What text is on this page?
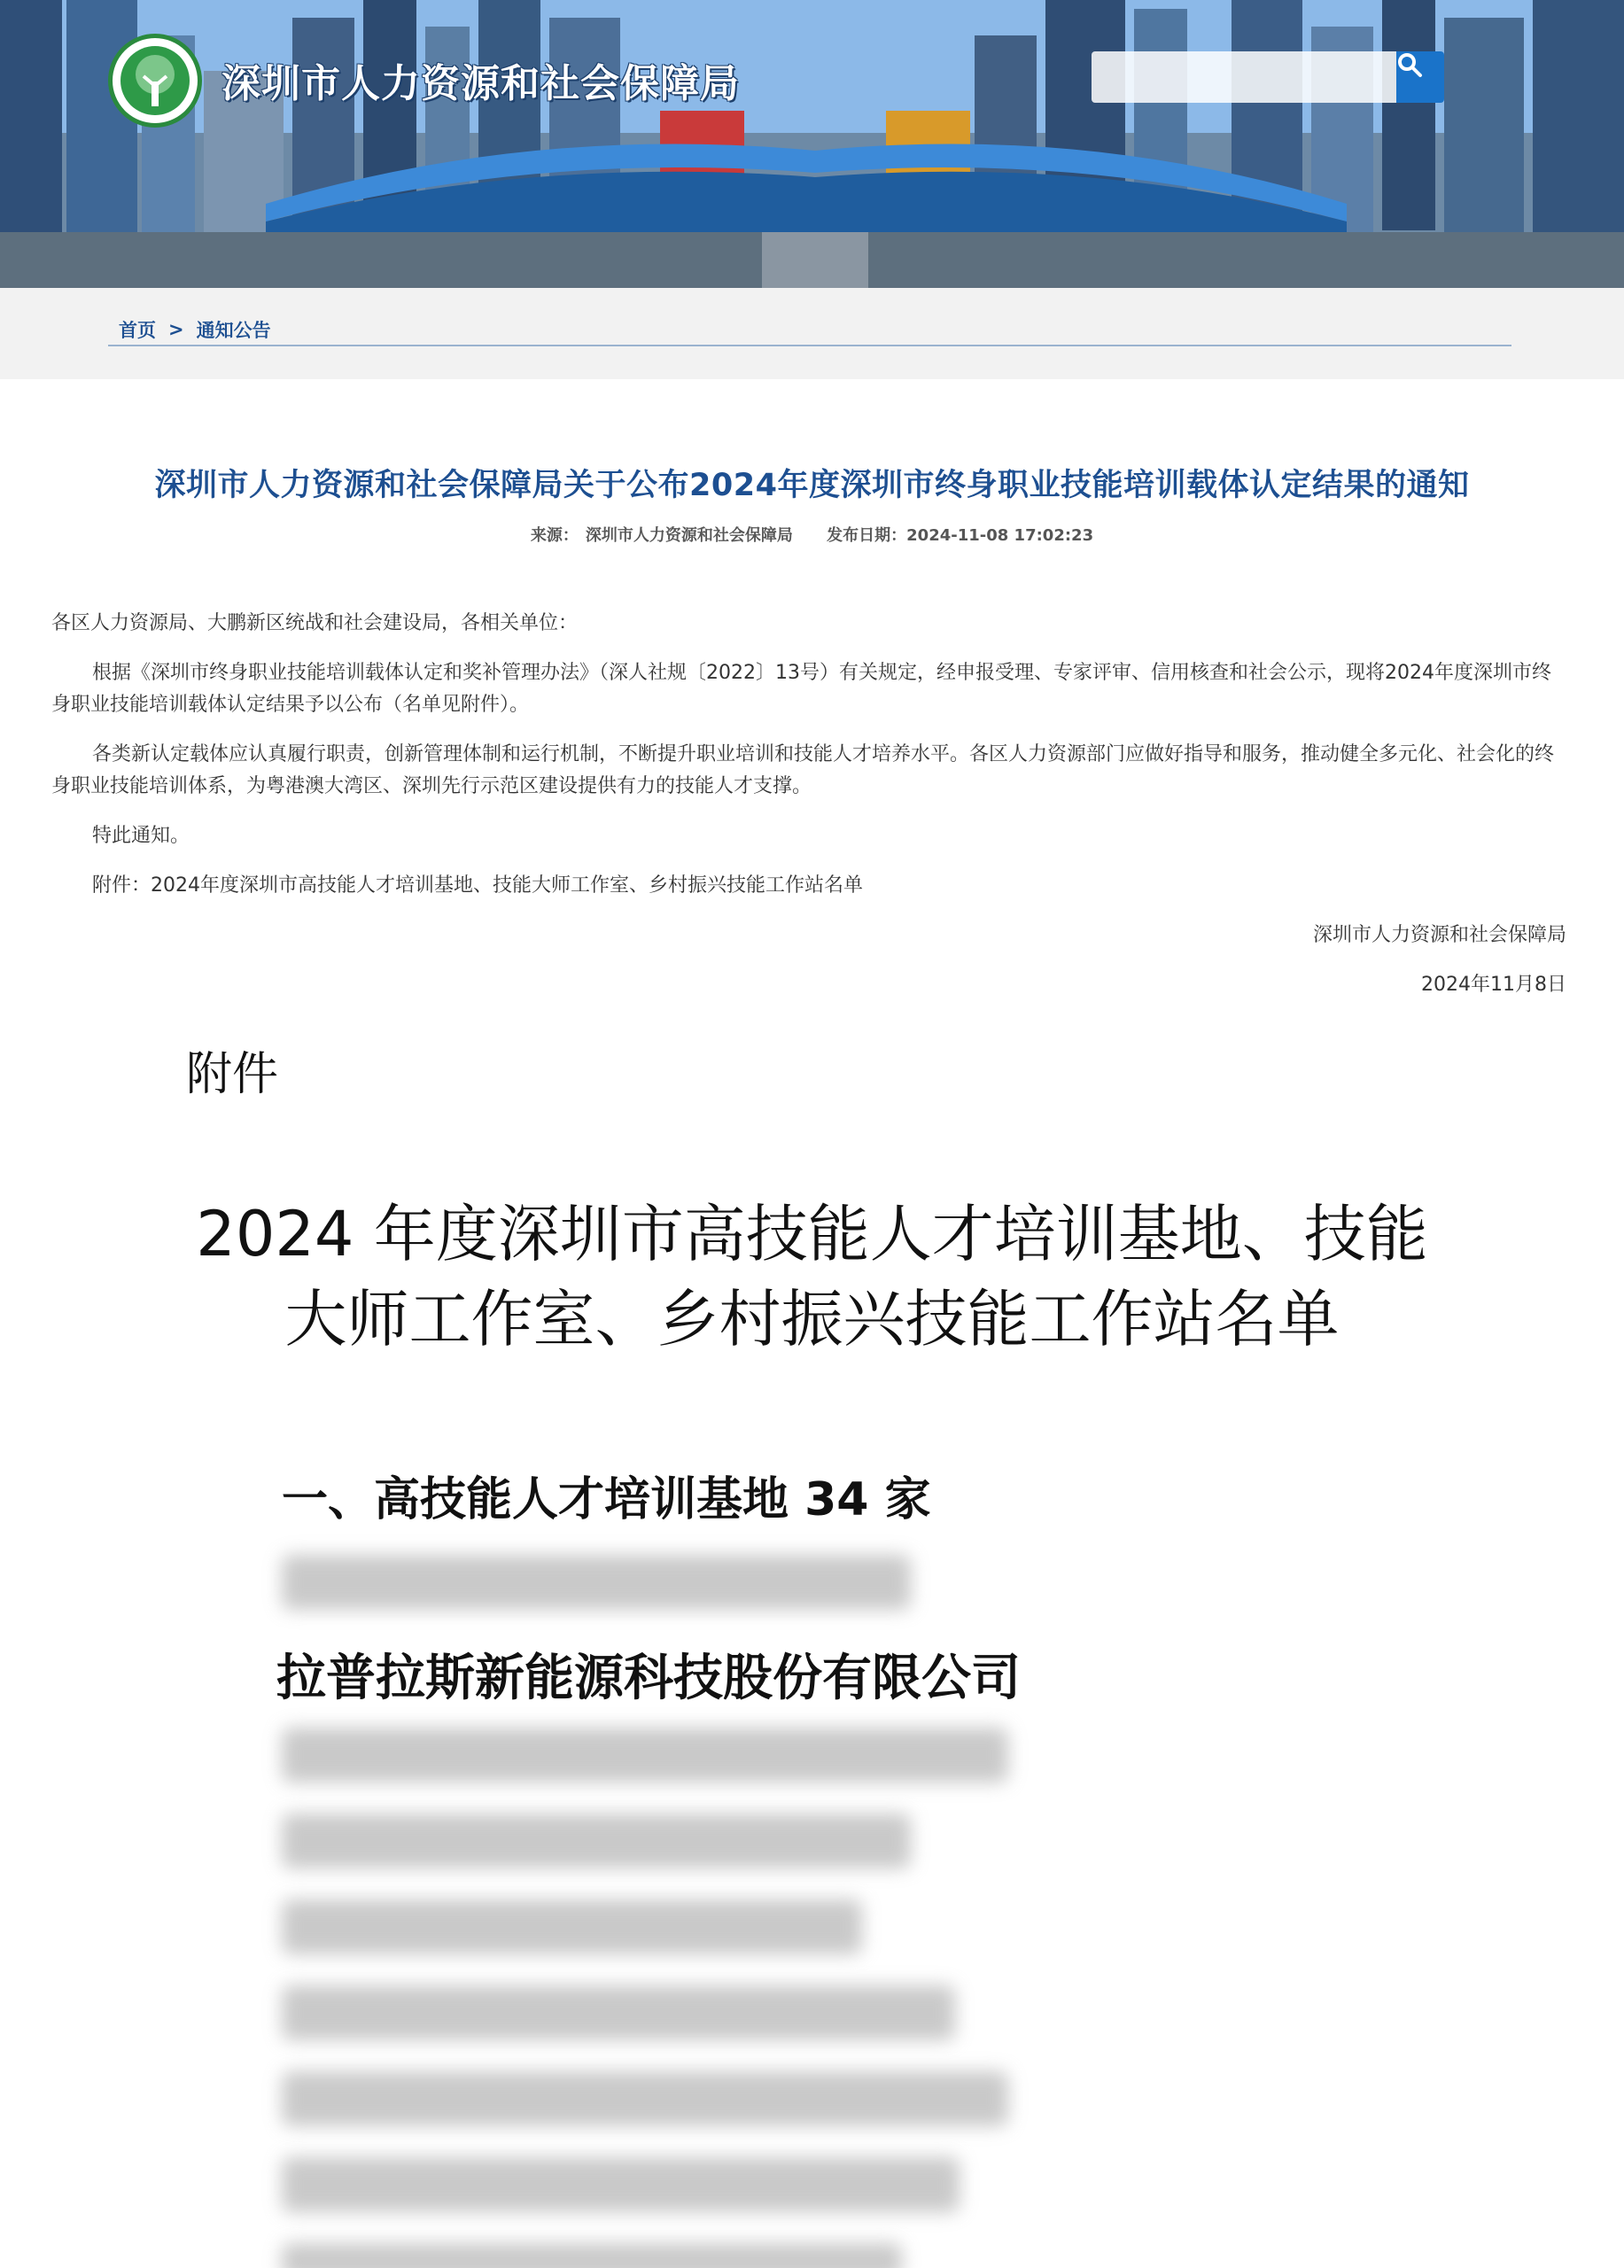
深圳市人力资源和社会保障局
首页 > 通知公告
深圳市人力资源和社会保障局关于公布2024年度深圳市终身职业技能培训载体认定结果的通知
来源： 深圳市人力资源和社会保障局 发布日期：2024-11-08 17:02:23

各区人力资源局、大鹏新区统战和社会建设局，各相关单位：

根据《深圳市终身职业技能培训载体认定和奖补管理办法》（深人社规〔2022〕13号）有关规定，经申报受理、专家评审、信用核查和社会公示，现将2024年度深圳市终身职业技能培训载体认定结果予以公布（名单见附件）。

各类新认定载体应认真履行职责，创新管理体制和运行机制，不断提升职业培训和技能人才培养水平。各区人力资源部门应做好指导和服务，推动健全多元化、社会化的终身职业技能培训体系，为粤港澳大湾区、深圳先行示范区建设提供有力的技能人才支撑。

特此通知。

附件：2024年度深圳市高技能人才培训基地、技能大师工作室、乡村振兴技能工作站名单

深圳市人力资源和社会保障局

2024年11月8日

附件
2024 年度深圳市高技能人才培训基地、技能
大师工作室、乡村振兴技能工作站名单
一、高技能人才培训基地 34 家
拉普拉斯新能源科技股份有限公司
